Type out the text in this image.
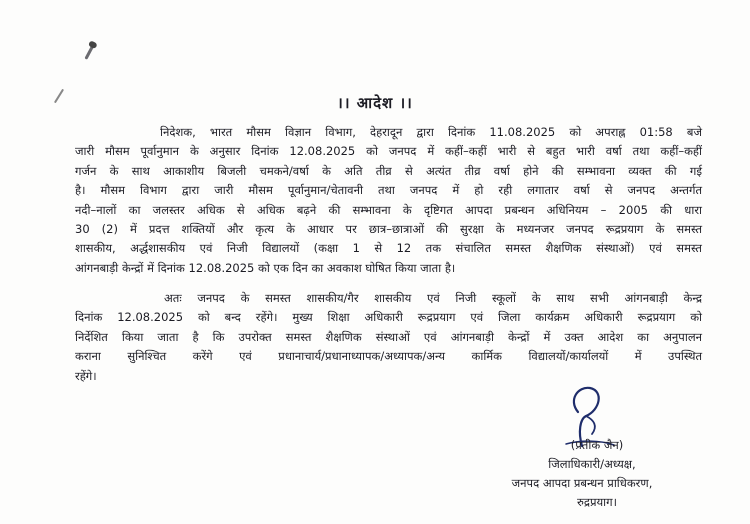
।। आदेश ।।
निदेशक, भारत मौसम विज्ञान विभाग, देहरादून द्वारा दिनांक 11.08.2025 को अपराह्न 01:58 बजे
जारी मौसम पूर्वानुमान के अनुसार दिनांक 12.08.2025 को जनपद में कहीं–कहीं भारी से बहुत भारी वर्षा तथा कहीं–कहीं
गर्जन के साथ आकाशीय बिजली चमकने/वर्षा के अति तीव्र से अत्यंत तीव्र वर्षा होने की सम्भावना व्यक्त की गई
है। मौसम विभाग द्वारा जारी मौसम पूर्वानुमान/चेतावनी तथा जनपद में हो रही लगातार वर्षा से जनपद अन्तर्गत
नदी–नालों का जलस्तर अधिक से अधिक बढ़ने की सम्भावना के दृष्टिगत आपदा प्रबन्धन अधिनियम – 2005 की धारा
30 (2) में प्रदत्त शक्तियों और कृत्य के आधार पर छात्र–छात्राओं की सुरक्षा के मध्यनजर जनपद रूद्रप्रयाग के समस्त
शासकीय, अर्द्धशासकीय एवं निजी विद्यालयों (कक्षा 1 से 12 तक संचालित समस्त शैक्षणिक संस्थाओं) एवं समस्त
आंगनबाड़ी केन्द्रों में दिनांक 12.08.2025 को एक दिन का अवकाश घोषित किया जाता है।
अतः जनपद के समस्त शासकीय/गैर शासकीय एवं निजी स्कूलों के साथ सभी आंगनबाड़ी केन्द्र
दिनांक 12.08.2025 को बन्द रहेंगे। मुख्य शिक्षा अधिकारी रूद्रप्रयाग एवं जिला कार्यक्रम अधिकारी रूद्रप्रयाग को
निर्देशित किया जाता है कि उपरोक्त समस्त शैक्षणिक संस्थाओं एवं आंगनबाड़ी केन्द्रों में उक्त आदेश का अनुपालन
कराना सुनिश्चित करेंगे एवं प्रधानाचार्य/प्रधानाध्यापक/अध्यापक/अन्य कार्मिक विद्यालयों/कार्यालयों में उपस्थित
रहेंगे।
(प्रतीक जैन)
जिलाधिकारी/अध्यक्ष,
जनपद आपदा प्रबन्धन प्राधिकरण,
रुद्रप्रयाग।
